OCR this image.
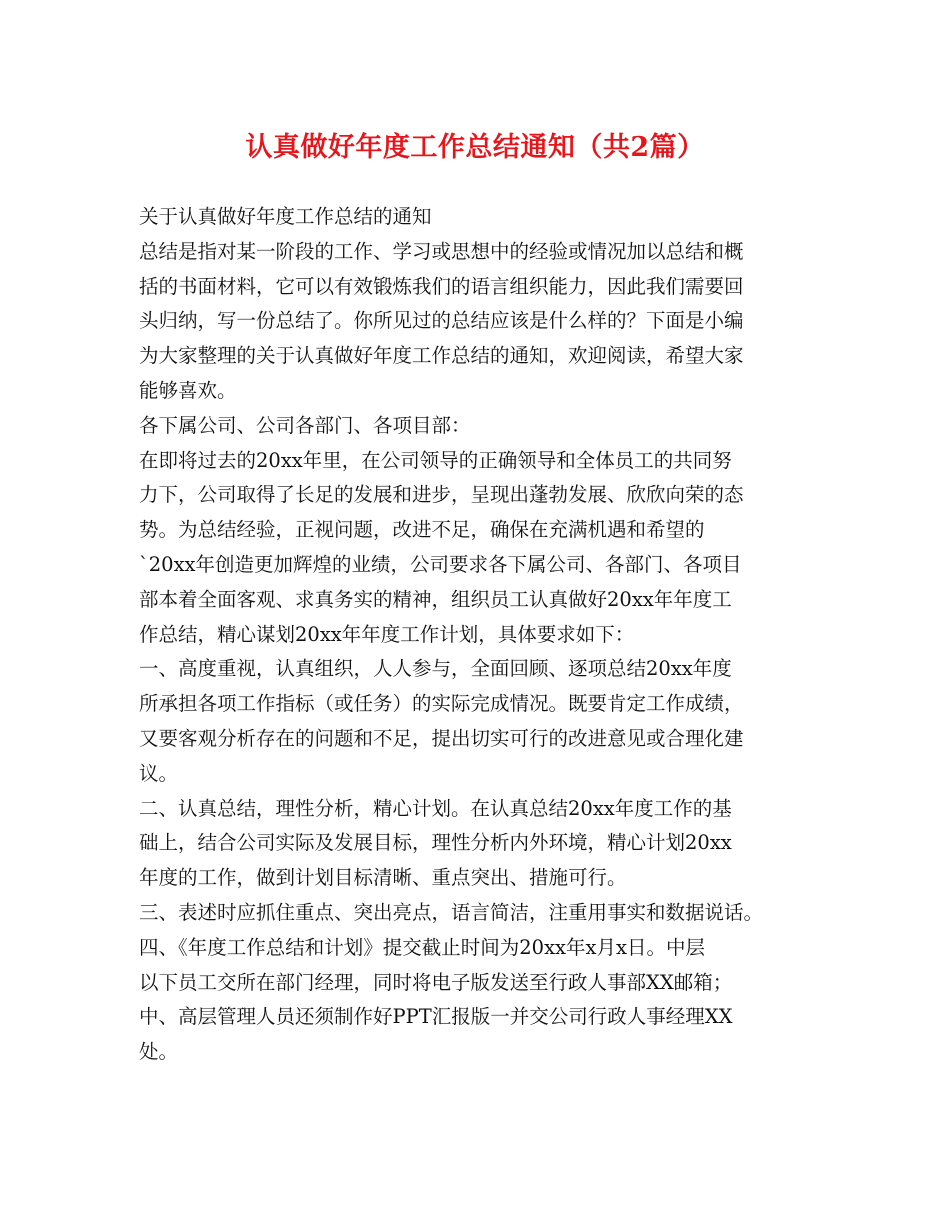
认真做好年度工作总结通知（共2篇）
关于认真做好年度工作总结的通知
总结是指对某一阶段的工作、学习或思想中的经验或情况加以总结和概
括的书面材料，它可以有效锻炼我们的语言组织能力，因此我们需要回
头归纳，写一份总结了。你所见过的总结应该是什么样的？下面是小编
为大家整理的关于认真做好年度工作总结的通知，欢迎阅读，希望大家
能够喜欢。
各下属公司、公司各部门、各项目部：
在即将过去的20xx年里，在公司领导的正确领导和全体员工的共同努
力下，公司取得了长足的发展和进步，呈现出蓬勃发展、欣欣向荣的态
势。为总结经验，正视问题，改进不足，确保在充满机遇和希望的
`20xx年创造更加辉煌的业绩，公司要求各下属公司、各部门、各项目
部本着全面客观、求真务实的精神，组织员工认真做好20xx年年度工
作总结，精心谋划20xx年年度工作计划，具体要求如下：
一、高度重视，认真组织，人人参与，全面回顾、逐项总结20xx年度
所承担各项工作指标（或任务）的实际完成情况。既要肯定工作成绩，
又要客观分析存在的问题和不足，提出切实可行的改进意见或合理化建
议。
二、认真总结，理性分析，精心计划。在认真总结20xx年度工作的基
础上，结合公司实际及发展目标，理性分析内外环境，精心计划20xx
年度的工作，做到计划目标清晰、重点突出、措施可行。
三、表述时应抓住重点、突出亮点，语言简洁，注重用事实和数据说话。
四、《年度工作总结和计划》提交截止时间为20xx年x月x日。中层
以下员工交所在部门经理，同时将电子版发送至行政人事部XX邮箱；
中、高层管理人员还须制作好PPT汇报版一并交公司行政人事经理XX
处。
